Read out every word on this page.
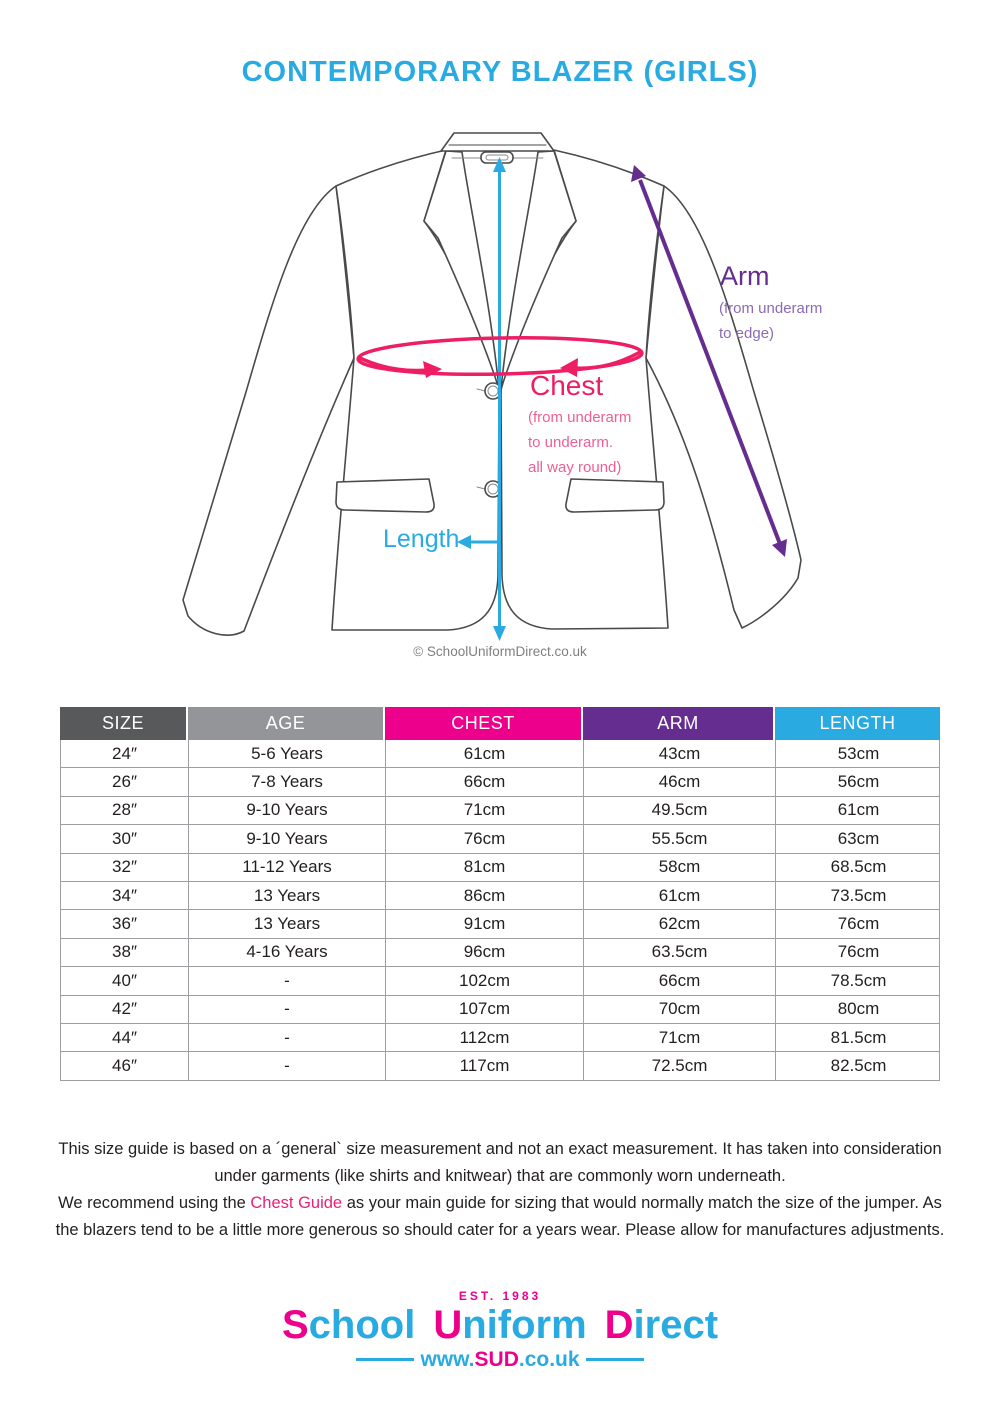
CONTEMPORARY BLAZER (GIRLS)
Arm
(from underarm
to edge)
Chest
(from underarm
to underarm.
all way round)
Length
© SchoolUniformDirect.co.uk
SIZE	AGE	CHEST	ARM	LENGTH
24″	5-6 Years	61cm	43cm	53cm
26″	7-8 Years	66cm	46cm	56cm
28″	9-10 Years	71cm	49.5cm	61cm
30″	9-10 Years	76cm	55.5cm	63cm
32″	11-12 Years	81cm	58cm	68.5cm
34″	13 Years	86cm	61cm	73.5cm
36″	13 Years	91cm	62cm	76cm
38″	4-16 Years	96cm	63.5cm	76cm
40″	-	102cm	66cm	78.5cm
42″	-	107cm	70cm	80cm
44″	-	112cm	71cm	81.5cm
46″	-	117cm	72.5cm	82.5cm
This size guide is based on a ´general` size measurement and not an exact measurement. It has taken into consideration under garments (like shirts and knitwear) that are commonly worn underneath.
We recommend using the Chest Guide as your main guide for sizing that would normally match the size of the jumper. As the blazers tend to be a little more generous so should cater for a years wear. Please allow for manufactures adjustments.
EST. 1983
School Uniform Direct
www. SUD .co.uk
